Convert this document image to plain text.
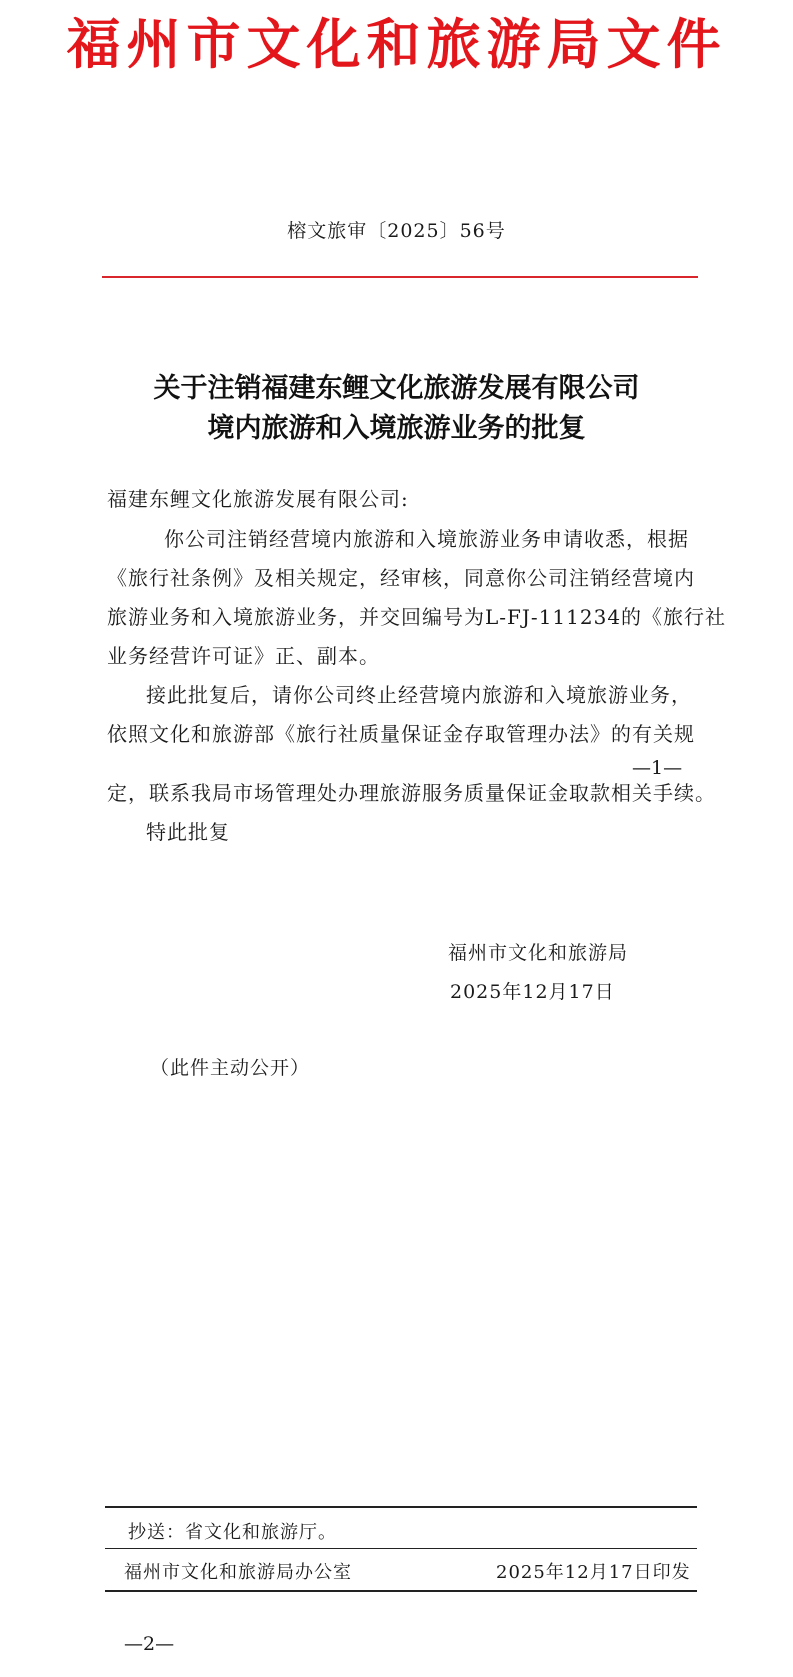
福州市文化和旅游局文件
榕文旅审〔2025〕56号
关于注销福建东鲤文化旅游发展有限公司
境内旅游和入境旅游业务的批复
福建东鲤文化旅游发展有限公司:
你公司注销经营境内旅游和入境旅游业务申请收悉，根据
《旅行社条例》及相关规定，经审核，同意你公司注销经营境内
旅游业务和入境旅游业务，并交回编号为L-FJ-111234的《旅行社
业务经营许可证》正、副本。
接此批复后，请你公司终止经营境内旅游和入境旅游业务，
依照文化和旅游部《旅行社质量保证金存取管理办法》的有关规
—1—
定，联系我局市场管理处办理旅游服务质量保证金取款相关手续。
特此批复
福州市文化和旅游局
2025年12月17日
（此件主动公开）
抄送：省文化和旅游厅。
福州市文化和旅游局办公室	2025年12月17日印发
—2—
